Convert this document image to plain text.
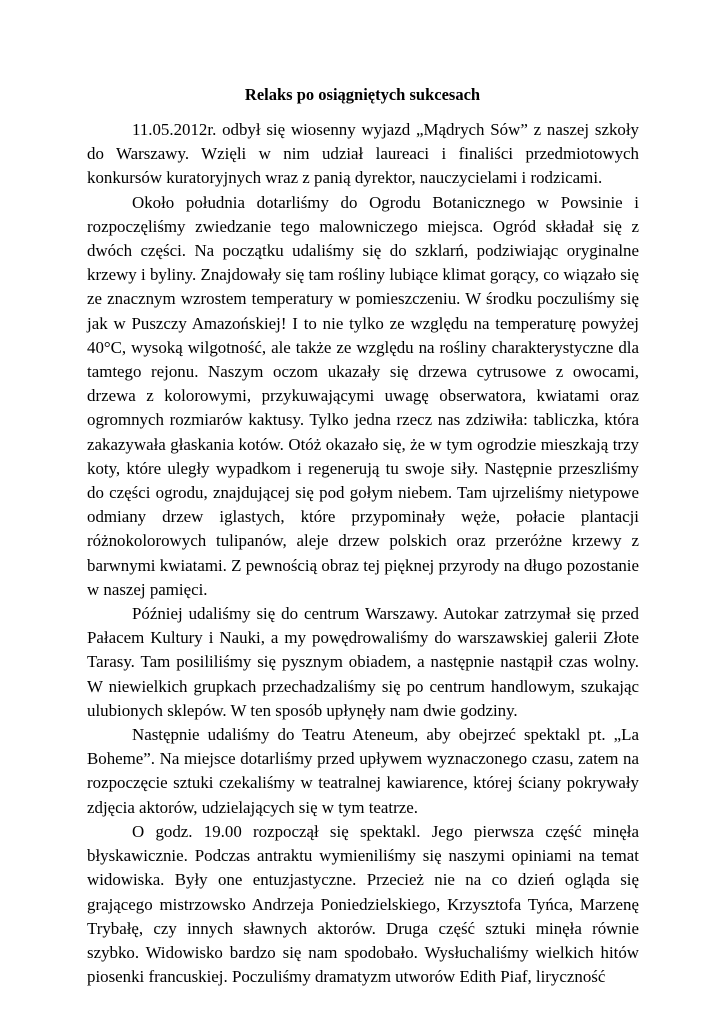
Relaks po osiągniętych sukcesach

11.05.2012r. odbył się wiosenny wyjazd „Mądrych Sów” z naszej szkoły do Warszawy. Wzięli w nim udział laureaci i finaliści przedmiotowych konkursów kuratoryjnych wraz z panią dyrektor, nauczycielami i rodzicami.

Około południa dotarliśmy do Ogrodu Botanicznego w Powsinie i rozpoczęliśmy zwiedzanie tego malowniczego miejsca. Ogród składał się z dwóch części. Na początku udaliśmy się do szklarń, podziwiając oryginalne krzewy i byliny. Znajdowały się tam rośliny lubiące klimat gorący, co wiązało się ze znacznym wzrostem temperatury w pomieszczeniu. W środku poczuliśmy się jak w Puszczy Amazońskiej! I to nie tylko ze względu na temperaturę powyżej 40°C, wysoką wilgotność, ale także ze względu na rośliny charakterystyczne dla tamtego rejonu. Naszym oczom ukazały się drzewa cytrusowe z owocami, drzewa z kolorowymi, przykuwającymi uwagę obserwatora, kwiatami oraz ogromnych rozmiarów kaktusy. Tylko jedna rzecz nas zdziwiła: tabliczka, która zakazywała głaskania kotów. Otóż okazało się, że w tym ogrodzie mieszkają trzy koty, które uległy wypadkom i regenerują tu swoje siły. Następnie przeszliśmy do części ogrodu, znajdującej się pod gołym niebem. Tam ujrzeliśmy nietypowe odmiany drzew iglastych, które przypominały węże, połacie plantacji różnokolorowych tulipanów, aleje drzew polskich oraz przeróżne krzewy z barwnymi kwiatami. Z pewnością obraz tej pięknej przyrody na długo pozostanie w naszej pamięci.

Później udaliśmy się do centrum Warszawy. Autokar zatrzymał się przed Pałacem Kultury i Nauki, a my powędrowaliśmy do warszawskiej galerii Złote Tarasy. Tam posililiśmy się pysznym obiadem, a następnie nastąpił czas wolny. W niewielkich grupkach przechadzaliśmy się po centrum handlowym, szukając ulubionych sklepów. W ten sposób upłynęły nam dwie godziny.

Następnie udaliśmy do Teatru Ateneum, aby obejrzeć spektakl pt. „La Boheme”. Na miejsce dotarliśmy przed upływem wyznaczonego czasu, zatem na rozpoczęcie sztuki czekaliśmy w teatralnej kawiarence, której ściany pokrywały zdjęcia aktorów, udzielających się w tym teatrze.

O godz. 19.00 rozpoczął się spektakl. Jego pierwsza część minęła błyskawicznie. Podczas antraktu wymieniliśmy się naszymi opiniami na temat widowiska. Były one entuzjastyczne. Przecież nie na co dzień ogląda się grającego mistrzowsko Andrzeja Poniedzielskiego, Krzysztofa Tyńca, Marzenę Trybałę, czy innych sławnych aktorów. Druga część sztuki minęła równie szybko. Widowisko bardzo się nam spodobało. Wysłuchaliśmy wielkich hitów piosenki francuskiej. Poczuliśmy dramatyzm utworów Edith Piaf, liryczność
